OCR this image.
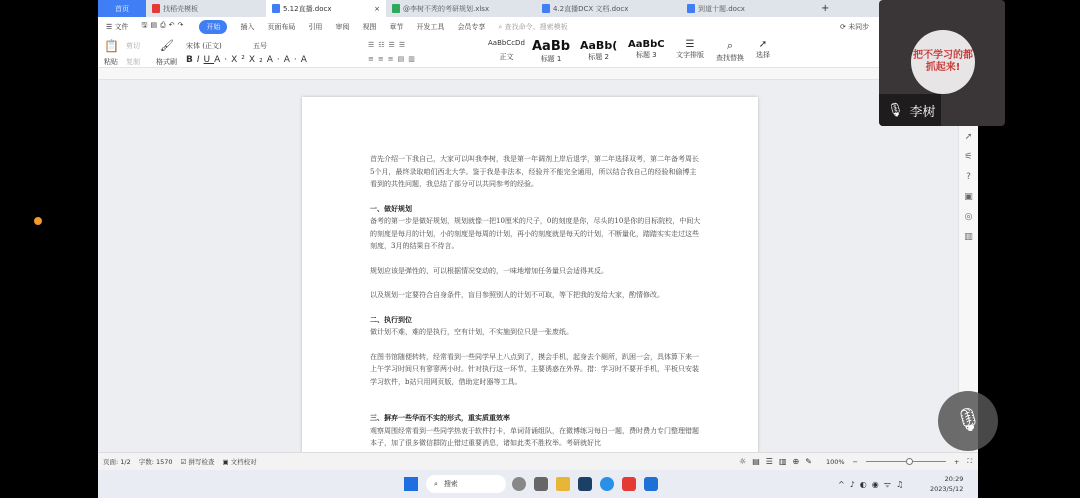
首页	找稻壳模板	5.12直播.docx	×	@李树不秃的考研规划.xlsx	4.2直播DCX 文档.docx	到道十题.docx	+
☰ 文件 🖫▤⎙↶↷	开始	插入 页面布局 引用 审阅 视图 章节 开发工具 会员专享 ⌕ 查找命令、搜索模板	⟳ 未同步
📋
粘贴
剪切
复制 格式刷
🖌 宋体 (正文)	五号
BIUA·X²X₂A·A·A
☰☷☰☰
≡≡≡▤▥
AaBbCcDd
正文
AaBb
标题 1
AaBb(
标题 2
AaBbC
标题 3
☰
文字排版
⌕
查找替换
➚
选择

首先介绍一下我自己，大家可以叫我李树，我是第一年调剂上岸后退学，第二年选择双考，第二年备考周长5个月，最终录取咱们西北大学。鉴于我是非法本，经验并不能完全通用，所以结合我自己的经验和偷博主看到的共性问题，我总结了部分可以共同参考的经验。

一、做好规划

备考的第一步是做好规划，规划就像一把10厘米的尺子，0的刻度是你，尽头的10是你的目标院校，中间大的刻度是每月的计划，小的刻度是每周的计划，再小的刻度就是每天的计划，不断量化，踏踏实实走过这些刻度，3月的结果自不待言。

规划应该是弹性的，可以根据情况变动的，一味地增加任务量只会适得其反。

以及规划一定要符合自身条件，盲目参照别人的计划不可取，等下把我的发给大家，酌情修改。

二、执行到位

做计划不难，难的是执行，空有计划，不实施到位只是一张废纸。

在图书馆随便转转，经常看到一些同学早上八点到了，摸会手机，起身去个厕所，趴困一会，具体算下来一上午学习时间只有寥寥两小时。针对执行这一环节，主要诱惑在外界。措：学习时不要开手机，平板只安装学习软件，b站只用网页版，借助定时器等工具。

三、摒弃一些华而不实的形式，重实质重效率

观察周围经常看到一些同学热衷于软件打卡，单词背诵组队，在微博练习每日一题，费时费力专门整理错题本子，加了很多微信群防止错过重要消息，诸如此类不胜枚举。考研就好比

➚
⚟
?
▣
◎
▥
页面: 1/2 字数: 1570 ☑ 拼写检查 ▣ 文档校对	☼▤☰▥⊕✎ 100% −	+ ⛶
⌕ 搜索	^♪◐◉ᯤ♫
20:29
2023/5/12
把不学习的都抓起来!
🎙 李树
🎙
